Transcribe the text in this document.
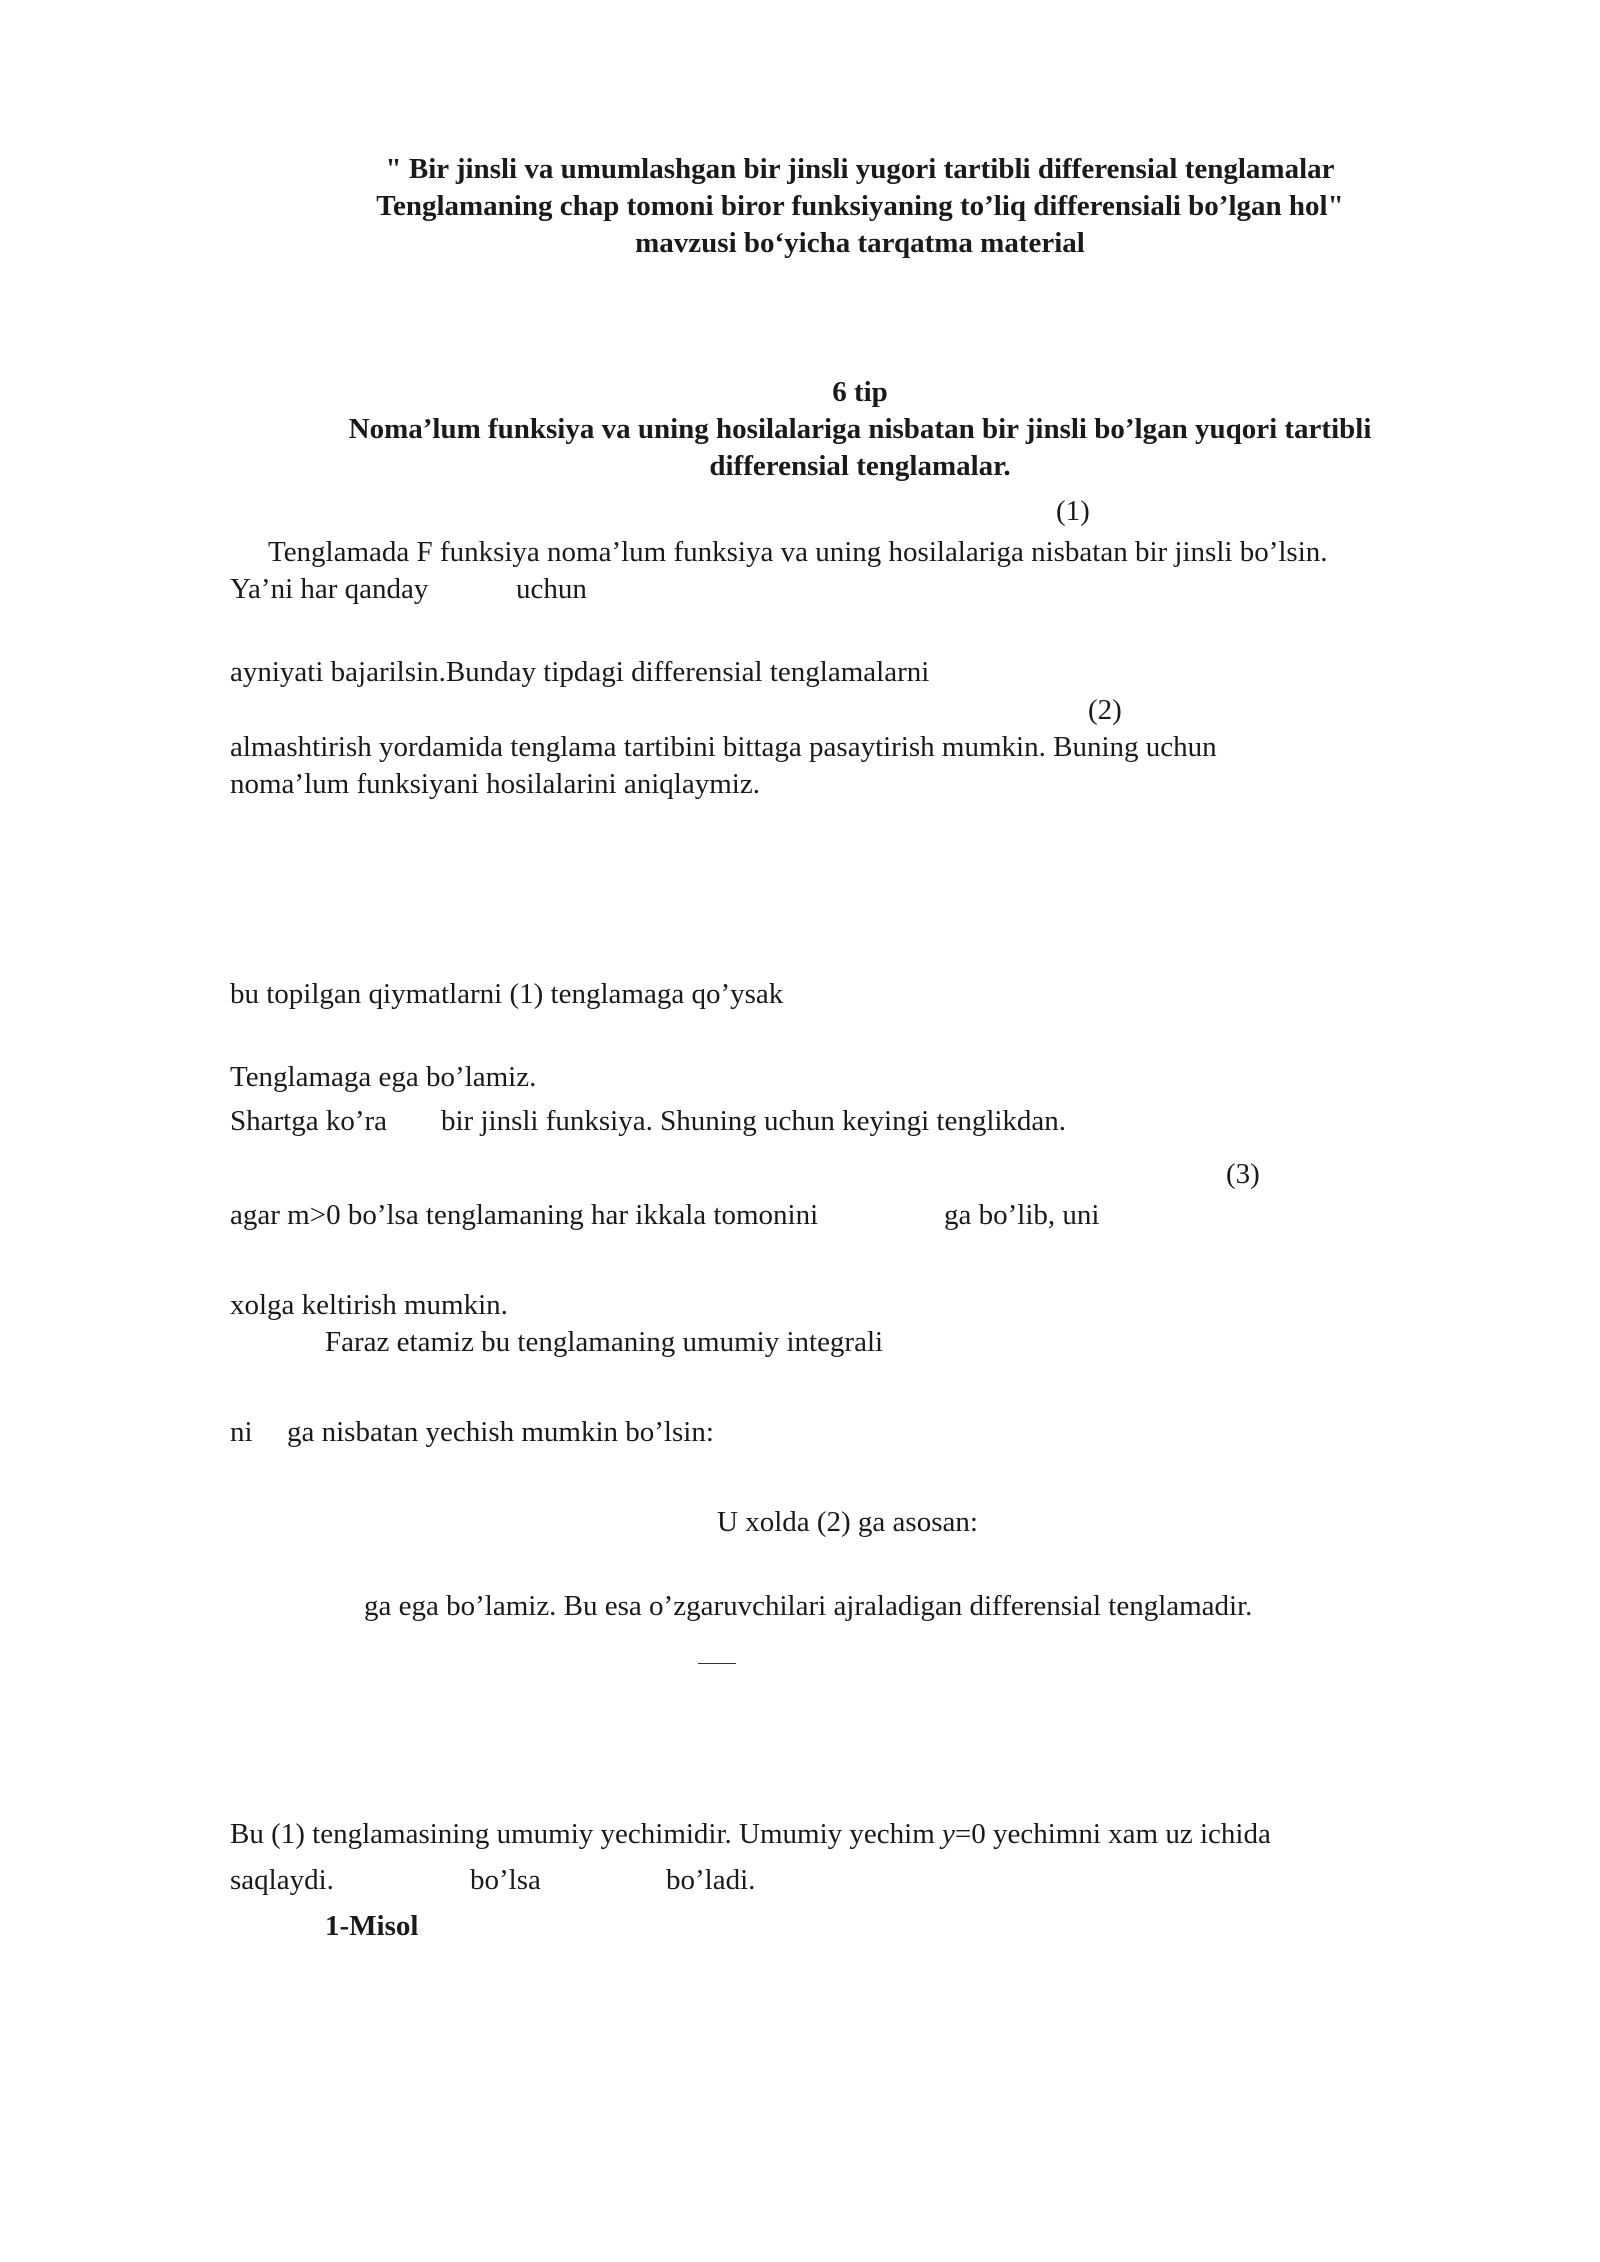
" Bir jinsli va umumlashgan bir jinsli yugori tartibli differensial tenglamalar
Tenglamaning chap tomoni biror funksiyaning to’liq differensiali bo’lgan hol"
mavzusi bo‘yicha tarqatma material
6 tip
Noma’lum funksiya va uning hosilalariga nisbatan bir jinsli bo’lgan yuqori tartibli
differensial tenglamalar.
(1)
(2)
(3)
Tenglamada F funksiya noma’lum funksiya va uning hosilalariga nisbatan bir jinsli bo’lsin.
Ya’ni har qanday	uchun
ayniyati bajarilsin.Bunday tipdagi differensial tenglamalarni
almashtirish yordamida tenglama tartibini bittaga pasaytirish mumkin. Buning uchun
noma’lum funksiyani hosilalarini aniqlaymiz.
bu topilgan qiymatlarni (1) tenglamaga qo’ysak
Tenglamaga ega bo’lamiz.
Shartga ko’ra bir jinsli funksiya. Shuning uchun keyingi tenglikdan.
agar m>0 bo’lsa tenglamaning har ikkala tomonini	ga bo’lib, uni
xolga keltirish mumkin.
Faraz etamiz bu tenglamaning umumiy integrali
ni ga nisbatan yechish mumkin bo’lsin:
U xolda (2) ga asosan:
ga ega bo’lamiz. Bu esa o’zgaruvchilari ajraladigan differensial tenglamadir.
Bu (1) tenglamasining umumiy yechimidir. Umumiy yechim y=0 yechimni xam uz ichida
saqlaydi.	bo’lsa	bo’ladi.
1-Misol
